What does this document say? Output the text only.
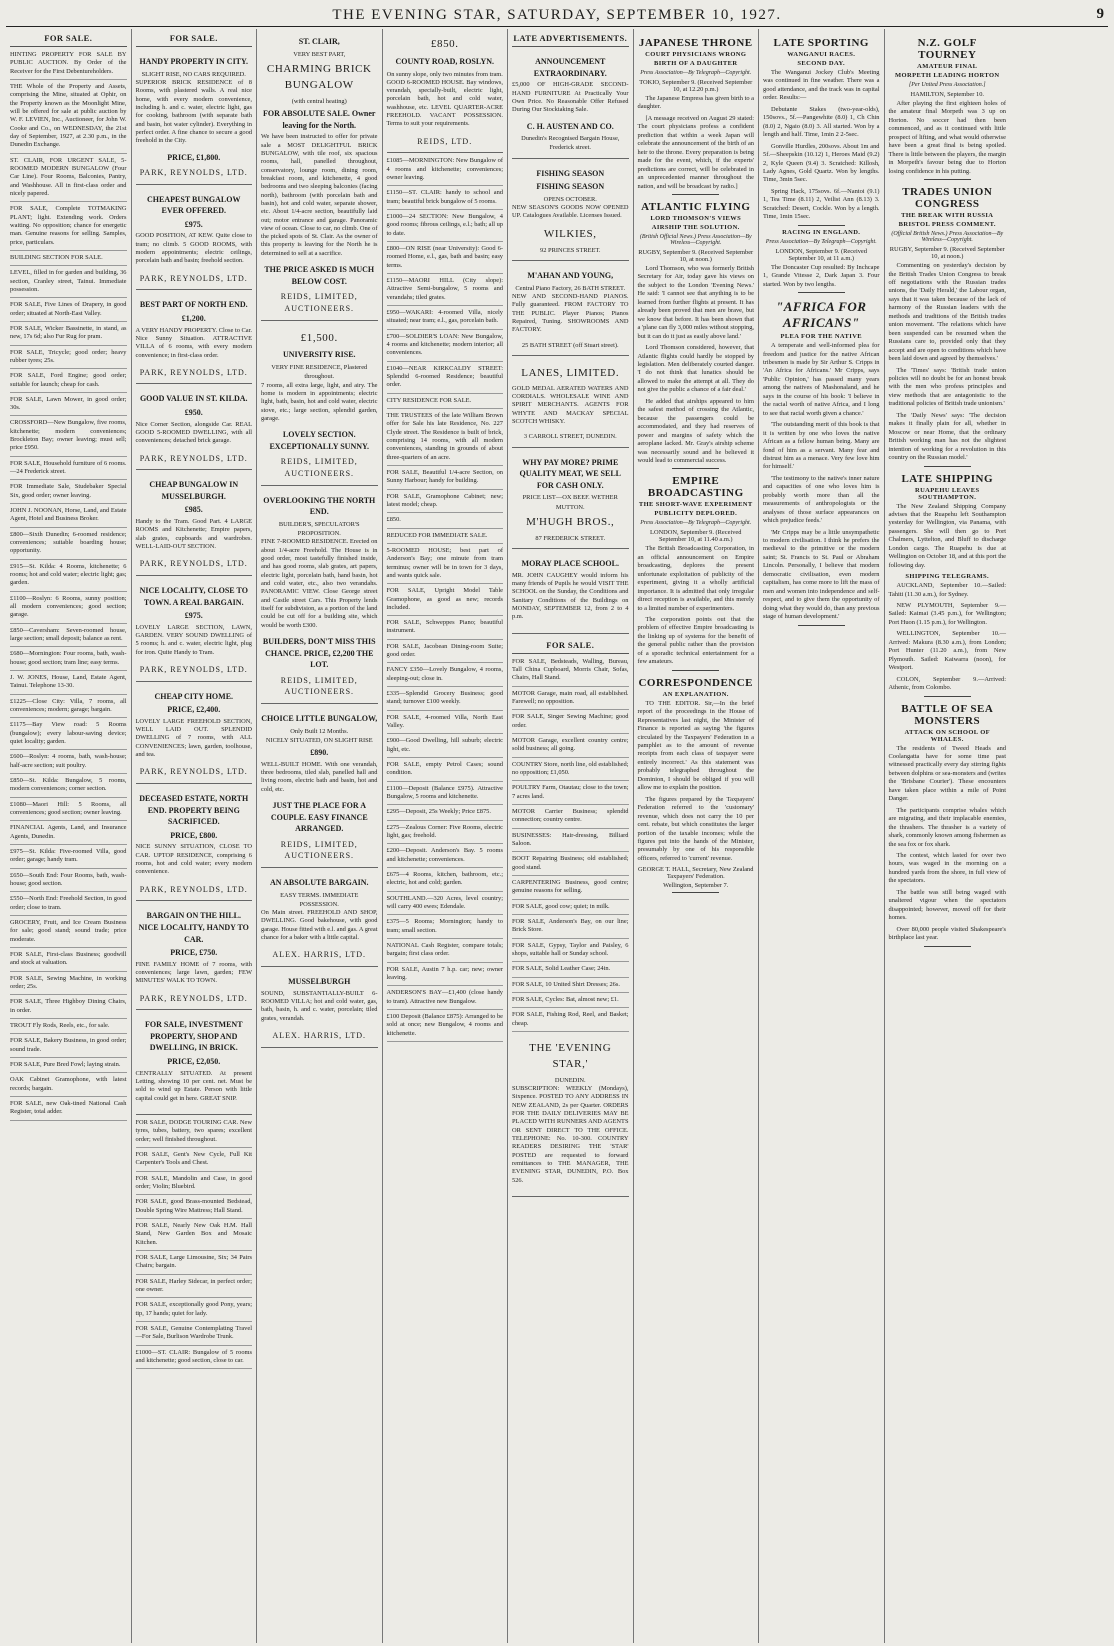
THE EVENING STAR, SATURDAY, SEPTEMBER 10, 1927.	9
FOR SALE.

HINTING PROPERTY FOR SALE BY PUBLIC AUCTION. By Order of the Receiver for the First Debentureholders.

THE Whole of the Property and Assets, comprising the Mine, situated at Ophir, on the Property known as the Moonlight Mine, will be offered for sale at public auction by W. F. LEVIEN, Inc., Auctioneer, for John W. Cooke and Co., on WEDNESDAY, the 21st day of September, 1927, at 2.30 p.m., in the Dunedin Exchange.

ST. CLAIR, FOR URGENT SALE, 5-ROOMED MODERN BUNGALOW (Four Car Line). Four Rooms, Balconies, Pantry, and Washhouse. All in first-class order and nicely papered.

FOR SALE, Complete TOTMAKING PLANT; light. Extending work. Orders waiting. No opposition; chance for energetic man. Genuine reasons for selling. Samples, price, particulars.

BUILDING SECTION FOR SALE.

LEVEL, filled in for garden and building, 36 section, Cranley street, Tainui. Immediate possession.

FOR SALE, Five Lines of Drapery, in good order; situated at North-East Valley.

FOR SALE, Wicker Bassinette, in stand, as new, 17s 6d; also Fur Rug for pram.

FOR SALE, Tricycle; good order; heavy rubber tyres; 25s.

FOR SALE, Ford Engine; good order; suitable for launch; cheap for cash.

FOR SALE, Lawn Mower, in good order; 30s.

CROSSFORD—New Bungalow, five rooms, kitchenette; modern conveniences; Brockleton Bay; owner leaving; must sell; price £950.

FOR SALE, Household furniture of 6 rooms.—24 Frederick street.

FOR Immediate Sale, Studebaker Special Six, good order; owner leaving.

JOHN J. NOONAN, Horse, Land, and Estate Agent, Hotel and Business Broker.

£800—Sixth Dunedin; 6-roomed residence; conveniences; suitable boarding house; opportunity.

£915—St. Kilda: 4 Rooms, kitchenette; 6 rooms; hot and cold water; electric light; gas; garden.

£1100—Roslyn: 6 Rooms, sunny position; all modern conveniences; good section; garage.

£850—Caversham: Seven-roomed house, large section; small deposit; balance as rent.

£680—Mornington: Four rooms, bath, wash-house; good section; tram line; easy terms.

J. W. JONES, House, Land, Estate Agent, Tainui. Telephone 13-30.

£1225—Close City: Villa, 7 rooms, all conveniences; modern; garage; bargain.

£1175—Bay View road: 5 Rooms (bungalow); every labour-saving device; quiet locality; garden.

£600—Roslyn: 4 rooms, bath, wash-house; half-acre section; suit poultry.

£850—St. Kilda: Bungalow, 5 rooms, modern conveniences; corner section.

£1080—Maori Hill: 5 Rooms, all conveniences; good section; owner leaving.

FINANCIAL Agents, Land, and Insurance Agents, Dunedin.

£975—St. Kilda: Five-roomed Villa, good order; garage; handy tram.

£650—South End: Four Rooms, bath, wash-house; good section.

£550—North End: Freehold Section, in good order; close to tram.

GROCERY, Fruit, and Ice Cream Business for sale; good stand; sound trade; price moderate.

FOR SALE, First-class Business; goodwill and stock at valuation.

FOR SALE, Sewing Machine, in working order; 25s.

FOR SALE, Three Highboy Dining Chairs, in order.

TROUT Fly Rods, Reels, etc., for sale.

FOR SALE, Bakery Business, in good order; sound trade.

FOR SALE, Pure Bred Fowl; laying strain.

OAK Cabinet Gramophone, with latest records; bargain.

FOR SALE, new Oak-tined National Cash Register, total adder.

FOR SALE.
HANDY PROPERTY IN CITY.
SLIGHT RISE, NO CARS REQUIRED.
SUPERIOR BRICK RESIDENCE of 8 Rooms, with plastered walls. A real nice home, with every modern convenience, including h. and c. water, electric light, gas for cooking, bathroom (with separate bath and basin, hot water cylinder). Everything in perfect order. A fine chance to secure a good freehold in the City.
PRICE, £1,800.
PARK, REYNOLDS, LTD.
CHEAPEST BUNGALOW EVER OFFERED.
£975.
GOOD POSITION, AT KEW. Quite close to tram; no climb. 5 GOOD ROOMS, with modern appointments; electric ceilings, porcelain bath and basin; freehold section.
PARK, REYNOLDS, LTD.
BEST PART OF NORTH END.
£1,200.
A VERY HANDY PROPERTY. Close to Car. Nice Sunny Situation. ATTRACTIVE VILLA of 6 rooms, with every modern convenience; in first-class order.
PARK, REYNOLDS, LTD.
GOOD VALUE IN ST. KILDA.
£950.
Nice Corner Section, alongside Car. REAL GOOD 5-ROOMED DWELLING, with all conveniences; detached brick garage.
PARK, REYNOLDS, LTD.
CHEAP BUNGALOW IN MUSSELBURGH.
£985.
Handy to the Tram. Good Part. 4 LARGE ROOMS and Kitchenette; Empire papers, slab grates, cupboards and wardrobes. WELL-LAID-OUT SECTION.
PARK, REYNOLDS, LTD.
NICE LOCALITY, CLOSE TO TOWN. A REAL BARGAIN.
£975.
LOVELY LARGE SECTION, LAWN, GARDEN. VERY SOUND DWELLING of 5 rooms; h. and c. water, electric light, plug for iron. Quite Handy to Tram.
PARK, REYNOLDS, LTD.
CHEAP CITY HOME.
PRICE, £2,400.
LOVELY LARGE FREEHOLD SECTION, WELL LAID OUT. SPLENDID DWELLING of 7 rooms, with ALL CONVENIENCES; lawn, garden, toolhouse, and tea.
PARK, REYNOLDS, LTD.
DECEASED ESTATE, NORTH END. PROPERTY BEING SACRIFICED.
PRICE, £800.
NICE SUNNY SITUATION, CLOSE TO CAR. UPTOP RESIDENCE, comprising 6 rooms, hot and cold water; every modern convenience.
PARK, REYNOLDS, LTD.
BARGAIN ON THE HILL. NICE LOCALITY, HANDY TO CAR.
PRICE, £750.
FINE FAMILY HOME of 7 rooms, with conveniences; large lawn, garden; FEW MINUTES' WALK TO TOWN.
PARK, REYNOLDS, LTD.
FOR SALE, INVESTMENT PROPERTY, SHOP AND DWELLING, IN BRICK.
PRICE, £2,050.
CENTRALLY SITUATED. At present Letting, showing 10 per cent. net. Must be sold to wind up Estate. Person with little capital could get in here. GREAT SNIP.

FOR SALE, DODGE TOURING CAR. New tyres, tubes, battery, two spares; excellent order; well finished throughout.

FOR SALE, Gent's New Cycle, Full Kit Carpenter's Tools and Chest.

FOR SALE, Mandolin and Case, in good order; Violin; Bluebird.

FOR SALE, good Brass-mounted Bedstead, Double Spring Wire Mattress; Hall Stand.

FOR SALE, Nearly New Oak H.M. Hall Stand, New Garden Box and Mosaic Kitchen.

FOR SALE, Large Limousine, Six; 34 Pairs Chairs; bargain.

FOR SALE, Harley Sidecar, in perfect order; one owner.

FOR SALE, exceptionally good Pony, years; tip, 17 hands; quiet for lady.

FOR SALE, Genuine Contemplating Travel—For Sale, Burlison Wardrobe Trunk.

£1000—ST. CLAIR: Bungalow of 5 rooms and kitchenette; good section, close to car.

ST. CLAIR,
VERY BEST PART,
CHARMING BRICK BUNGALOW
(with central heating)
FOR ABSOLUTE SALE. Owner leaving for the North.
We have been instructed to offer for private sale a MOST DELIGHTFUL BRICK BUNGALOW, with tile roof, six spacious rooms, hall, panelled throughout, conservatory, lounge room, dining room, breakfast room, and kitchenette, 4 good bedrooms and two sleeping balconies (facing north), bathroom (with porcelain bath and basin), hot and cold water, separate shower, etc. About 1/4-acre section, beautifully laid out; motor entrance and garage. Panoramic view of ocean. Close to car, no climb. One of the picked spots of St. Clair. As the owner of this property is leaving for the North he is determined to sell at a sacrifice.
THE PRICE ASKED IS MUCH BELOW COST.
REIDS, LIMITED, AUCTIONEERS.
£1,500.
UNIVERSITY RISE.
VERY FINE RESIDENCE, Plastered throughout.
7 rooms, all extra large, light, and airy. The home is modern in appointments; electric light, bath, basin, hot and cold water, electric stove, etc.; large section, splendid garden, garage.
LOVELY SECTION. EXCEPTIONALLY SUNNY.
REIDS, LIMITED, AUCTIONEERS.
OVERLOOKING THE NORTH END.
BUILDER'S, SPECULATOR'S PROPOSITION.
FINE 7-ROOMED RESIDENCE. Erected on about 1/4-acre Freehold. The House is in good order, most tastefully finished inside, and has good rooms, slab grates, art papers, electric light, porcelain bath, hand basin, hot and cold water, etc., also two verandahs. PANORAMIC VIEW. Close George street and Castle street Cars. This Property lends itself for subdivision, as a portion of the land could be cut off for a building site, which would be worth £300.
BUILDERS, DON'T MISS THIS CHANCE. PRICE, £2,200 THE LOT.
REIDS, LIMITED, AUCTIONEERS.
CHOICE LITTLE BUNGALOW,
Only Built 12 Months.
NICELY SITUATED, ON SLIGHT RISE
£890.
WELL-BUILT HOME. With one verandah, three bedrooms, tiled slab, panelled hall and living room, electric bath and basin, hot and cold, etc.
JUST THE PLACE FOR A COUPLE. EASY FINANCE ARRANGED.
REIDS, LIMITED, AUCTIONEERS.
AN ABSOLUTE BARGAIN.
EASY TERMS. IMMEDIATE POSSESSION.
On Main street. FREEHOLD AND SHOP, DWELLING. Good bakehouse, with good garage. House fitted with e.l. and gas. A great chance for a baker with a little capital.
ALEX. HARRIS, LTD.
MUSSELBURGH
SOUND, SUBSTANTIALLY-BUILT 6-ROOMED VILLA; hot and cold water, gas, bath, basin, h. and c. water, porcelain; tiled grates, verandah.
ALEX. HARRIS, LTD.
£850.
COUNTY ROAD, ROSLYN.
On sunny slope, only two minutes from tram.
GOOD 6-ROOMED HOUSE. Bay windows, verandah, specially-built, electric light, porcelain bath, hot and cold water, washhouse, etc. LEVEL QUARTER-ACRE FREEHOLD. VACANT POSSESSION. Terms to suit your requirements.
REIDS, LTD.

£1085—MORNINGTON: New Bungalow of 4 rooms and kitchenette; conveniences; owner leaving.

£1150—ST. CLAIR: handy to school and tram; beautiful brick bungalow of 5 rooms.

£1000—24 SECTION: New Bungalow, 4 good rooms; fibrous ceilings, e.l.; bath; all up to date.

£800—ON RISE (near University): Good 6-roomed Home, e.l., gas, bath and basin; easy terms.

£1150—MAORI HILL (City slope): Attractive Semi-bungalow, 5 rooms and verandahs; tiled grates.

£950—WAKARI: 4-roomed Villa, nicely situated; near tram; e.l., gas, porcelain bath.

£700—SOLDIER'S LOAN: New Bungalow, 4 rooms and kitchenette; modern interior; all conveniences.

£1040—NEAR KIRKCALDY STREET: Splendid 6-roomed Residence; beautiful order.

CITY RESIDENCE FOR SALE.

THE TRUSTEES of the late William Brown offer for Sale his late Residence, No. 227 Clyde street. The Residence is built of brick, comprising 14 rooms, with all modern conveniences, standing in grounds of about three-quarters of an acre.

FOR SALE, Beautiful 1/4-acre Section, on Sunny Harbour; handy for building.

FOR SALE, Gramophone Cabinet; new; latest model; cheap.

£850.

REDUCED FOR IMMEDIATE SALE.

5-ROOMED HOUSE; best part of Anderson's Bay; one minute from tram terminus; owner will be in town for 3 days, and wants quick sale.

FOR SALE, Upright Model Table Gramophone, as good as new; records included.

FOR SALE, Schweppes Piano; beautiful instrument.

FOR SALE, Jacobean Dining-room Suite; good order.

FANCY £350—Lovely Bungalow, 4 rooms, sleeping-out; close in.

£335—Splendid Grocery Business; good stand; turnover £100 weekly.

FOR SALE, 4-roomed Villa, North East Valley.

£900—Good Dwelling, hill suburb; electric light, etc.

FOR SALE, empty Petrol Cases; sound condition.

£1100—Deposit (Balance £975). Attractive Bungalow, 5 rooms and kitchenette.

£295—Deposit, 25s Weekly; Price £875.

£275—Zealous Corner: Five Rooms, electric light, gas; freehold.

£200—Deposit. Anderson's Bay. 5 rooms and kitchenette; conveniences.

£675—4 Rooms, kitchen, bathroom, etc.; electric, hot and cold; garden.

SOUTHLAND.—320 Acres, level country; will carry 400 ewes; Edendale.

£375—5 Rooms; Mornington; handy to tram; small section.

NATIONAL Cash Register, compare totals; bargain; first class order.

FOR SALE, Austin 7 h.p. car; new; owner leaving.

ANDERSON'S BAY—£1,400 (close handy to tram). Attractive new Bungalow.

£100 Deposit (Balance £875): Arranged to be sold at once; new Bungalow, 4 rooms and kitchenette.

LATE ADVERTISEMENTS.
ANNOUNCEMENT EXTRAORDINARY.
£5,000 OF HIGH-GRADE SECOND-HAND FURNITURE At Practically Your Own Price. No Reasonable Offer Refused During Our Stocktaking Sale.
C. H. AUSTEN AND CO.
Dunedin's Recognised Bargain House, Frederick street.
FISHING SEASON
FISHING SEASON
OPENS OCTOBER.
NEW SEASON'S GOODS NOW OPENED UP. Catalogues Available. Licenses Issued.
WILKIES,
92 PRINCES STREET.
M'AHAN AND YOUNG,
Central Piano Factory, 26 BATH STREET.
NEW AND SECOND-HAND PIANOS. Fully guaranteed. FROM FACTORY TO THE PUBLIC. Player Pianos; Pianos Repaired, Tuning. SHOWROOMS AND FACTORY.
25 BATH STREET (off Stuart street).
LANES, LIMITED.
GOLD MEDAL AERATED WATERS AND CORDIALS. WHOLESALE WINE AND SPIRIT MERCHANTS. AGENTS FOR WHYTE AND MACKAY SPECIAL SCOTCH WHISKY.
3 CARROLL STREET, DUNEDIN.
WHY PAY MORE? PRIME QUALITY MEAT, WE SELL FOR CASH ONLY.
PRICE LIST—OX BEEF. WETHER MUTTON.
M'HUGH BROS.,
87 FREDERICK STREET.
MORAY PLACE SCHOOL.
MR. JOHN CAUGHEY would inform his many friends of Pupils he would VISIT THE SCHOOL on the Sunday, the Conditions and Sanitary Conditions of the Buildings on MONDAY, SEPTEMBER 12, from 2 to 4 p.m.
FOR SALE.

FOR SALE, Bedsteads, Walling, Bureau, Tall China Cupboard, Morris Chair, Sofas, Chairs, Hall Stand.

MOTOR Garage, main road, all established. Farewell; no opposition.

FOR SALE, Singer Sewing Machine; good order.

MOTOR Garage, excellent country centre; solid business; all going.

COUNTRY Store, north line, old established; no opposition; £1,050.

POULTRY Farm, Otautau; close to the town; 7 acres land.

MOTOR Carrier Business; splendid connection; country centre.

BUSINESSES: Hair-dressing, Billiard Saloon.

BOOT Repairing Business; old established; good stand.

CARPENTERING Business, good centre; genuine reasons for selling.

FOR SALE, good cow; quiet; in milk.

FOR SALE, Anderson's Bay, on our line; Brick Store.

FOR SALE, Gypsy, Taylor and Paisley, 6 shops, suitable hall or Sunday school.

FOR SALE, Solid Leather Case; 24in.

FOR SALE, 10 United Shirt Dresses; 26s.

FOR SALE, Cycles: Bat, almost new; £1.

FOR SALE, Fishing Rod, Reel, and Basket; cheap.

THE 'EVENING STAR,'
DUNEDIN.
SUBSCRIPTION: WEEKLY (Mondays), Sixpence. POSTED TO ANY ADDRESS IN NEW ZEALAND, 2s per Quarter. ORDERS FOR THE DAILY DELIVERIES MAY BE PLACED WITH RUNNERS AND AGENTS OR SENT DIRECT TO THE OFFICE. TELEPHONE: No. 10-300. COUNTRY READERS DESIRING THE 'STAR' POSTED are requested to forward remittances to THE MANAGER, THE EVENING STAR, DUNEDIN, P.O. Box 526.
JAPANESE THRONE
COURT PHYSICIANS WRONG
BIRTH OF A DAUGHTER
Press Association—By Telegraph—Copyright.
TOKIO, September 9. (Received September 10, at 12.20 p.m.)

The Japanese Empress has given birth to a daughter.

[A message received on August 29 stated: The court physicians profess a confident prediction that within a week Japan will celebrate the announcement of the birth of an heir to the throne. Every preparation is being made for the event, which, if the experts' predictions are correct, will be celebrated in an unprecedented manner throughout the nation, and will be broadcast by radio.]

ATLANTIC FLYING
LORD THOMSON'S VIEWS
AIRSHIP THE SOLUTION.
(British Official News.) Press Association—By Wireless—Copyright.
RUGBY, September 9. (Received September 10, at noon.)

Lord Thomson, who was formerly British Secretary for Air, today gave his views on the subject to the London 'Evening News.' He said: 'I cannot see that anything is to be learned from further flights at present. It has already been proved that men are brave, but we know that before. It has been shown that a 'plane can fly 3,000 miles without stopping, but it can do it just as easily above land.'

Lord Thomson considered, however, that Atlantic flights could hardly be stopped by legislation. Men deliberately courted danger. 'I do not think that lunatics should be allowed to make the attempt at all. They do not give the public a chance of a fair deal.'

He added that airships appeared to him the safest method of crossing the Atlantic, because the passengers could be accommodated, and they had reserves of power and margins of safety which the aeroplane lacked. Mr. Gray's airship scheme was necessarily sound and he believed it would lead to commercial success.

EMPIRE BROADCASTING
THE SHORT-WAVE EXPERIMENT
PUBLICITY DEPLORED.
Press Association—By Telegraph—Copyright.
LONDON, September 9. (Received September 10, at 11.40 a.m.)

The British Broadcasting Corporation, in an official announcement on Empire broadcasting, deplores the present unfortunate exploitation of publicity of the experiment, giving it a wholly artificial importance. It is admitted that only irregular direct reception is available, and this merely to a limited number of experimenters.

The corporation points out that the problem of effective Empire broadcasting is the linking up of systems for the benefit of the general public rather than the provision of a sporadic technical entertainment for a few amateurs.

CORRESPONDENCE
AN EXPLANATION.

TO THE EDITOR. Sir,—In the brief report of the proceedings in the House of Representatives last night, the Minister of Finance is reported as saying 'the figures circulated by the Taxpayers' Federation in a pamphlet as to the amount of revenue receipts from each class of taxpayer were entirely incorrect.' As this statement was probably telegraphed throughout the Dominion, I should be obliged if you will allow me to explain the position.

The figures prepared by the Taxpayers' Federation referred to the 'customary' revenue, which does not carry the 10 per cent. rebate, but which constitutes the larger portion of the taxable incomes; while the figures put into the hands of the Minister, presumably by one of his responsible officers, referred to 'current' revenue.

GEORGE T. HALL, Secretary, New Zealand Taxpayers' Federation.
Wellington, September 7.
LATE SPORTING
WANGANUI RACES.
SECOND DAY.

The Wanganui Jockey Club's Meeting was continued in fine weather. There was a good attendance, and the track was in capital order. Results:—

Debutante Stakes (two-year-olds), 150sovs., 5f.—Pangewhite (8.0) 1, Ch Chin (8.0) 2, Ngaio (8.0) 3. All started. Won by a length and half. Time, 1min 2 2-5sec.

Gonville Hurdles, 200sovs. About 1m and 5f.—Sheepskin (10.12) 1, Heroes Maid (9.2) 2, Kyle Queen (9.4) 3. Scratched: Killosh, Lady Agnes, Gold Quartz. Won by lengths. Time, 3min 5sec.

Spring Hack, 175sovs. 6f.—Nantoi (9.1) 1, Tea Time (8.11) 2, Veilist Ann (8.13) 3. Scratched: Desert, Cockle. Won by a length. Time, 1min 15sec.

RACING IN ENGLAND.
Press Association—By Telegraph—Copyright.
LONDON, September 9. (Received September 10, at 11 a.m.)

The Doncaster Cup resulted: By Inchcape 1, Grande Vitesse 2, Dark Japan 3. Four started. Won by two lengths.

"AFRICA FOR AFRICANS"
PLEA FOR THE NATIVE

A temperate and well-informed plea for freedom and justice for the native African tribesmen is made by Sir Arthur S. Cripps in 'An Africa for Africans.' Mr Cripps, says 'Public Opinion,' has passed many years among the natives of Mashonaland, and he says in the course of his book: 'I believe in the racial worth of native Africa, and I long to see that racial worth given a chance.'

'The outstanding merit of this book is that it is written by one who loves the native African as a fellow human being. Many are fond of him as a servant. Many fear and distrust him as a menace. Very few love him for himself.'

'The testimony to the native's inner nature and capacities of one who loves him is probably worth more than all the measurements of anthropologists or the analyses of those surface appearances on which prejudice feeds.'

'Mr Cripps may be a little unsympathetic to modern civilisation. I think he prefers the medieval to the primitive or the modern saint; St. Francis to St. Paul or Abraham Lincoln. Personally, I believe that modern democratic civilisation, even modern capitalism, has come more to lift the mass of men and women into independence and self-respect, and to give them the opportunity of doing what they would do, than any previous stage of human development.'

N.Z. GOLF TOURNEY
AMATEUR FINAL
MORPETH LEADING HORTON
[Per United Press Association.]
HAMILTON, September 10.

After playing the first eighteen holes of the amateur final Morpeth was 3 up on Horton. No soccer had then been commenced, and as it continued with little prospect of lifting, and what would otherwise have been a great final is being spoiled. There is little between the players, the margin in Morpeth's favour being due to Horton losing confidence in his putting.

TRADES UNION CONGRESS
THE BREAK WITH RUSSIA
BRISTOL PRESS COMMENT.
(Official British News.) Press Association—By Wireless—Copyright.
RUGBY, September 9. (Received September 10, at noon.)

Commenting on yesterday's decision by the British Trades Union Congress to break off negotiations with the Russian trades unions, the 'Daily Herald,' the Labour organ, says that it was taken because of the lack of harmony of the Russian leaders with the methods and traditions of the British trades union movement. 'The relations which have been suspended can be resumed when the Russians care to, provided only that they accept and are open to conditions which have been laid down and agreed by themselves.'

The 'Times' says: 'British trade union policies will no doubt be for an honest break with the men who profess principles and view methods that are antagonistic to the traditional policies of British trade unionism.'

The 'Daily News' says: 'The decision makes it finally plain for all, whether in Moscow or near Home, that the ordinary British working man has not the slightest intention of working for a revolution in this country on the Russian model.'

LATE SHIPPING
RUAPEHU LEAVES SOUTHAMPTON.

The New Zealand Shipping Company advises that the Ruapehu left Southampton yesterday for Wellington, via Panama, with passengers. She will then go to Port Chalmers, Lyttelton, and Bluff to discharge London cargo. The Ruapehu is due at Wellington on October 18, and at this port the following day.

SHIPPING TELEGRAMS.

AUCKLAND, September 10.—Sailed: Tahiti (11.30 a.m.), for Sydney.

NEW PLYMOUTH, September 9.—Sailed: Kaimai (3.45 p.m.), for Wellington; Port Huon (1.15 p.m.), for Wellington.

WELLINGTON, September 10.—Arrived: Makura (8.30 a.m.), from London; Port Hunter (11.20 a.m.), from New Plymouth. Sailed: Kaiwarra (noon), for Westport.

COLON, September 9.—Arrived: Athenic, from Colombo.

BATTLE OF SEA MONSTERS
ATTACK ON SCHOOL OF WHALES.

The residents of Tweed Heads and Coolangatta have for some time past witnessed practically every day stirring fights between dolphins or sea-monsters and (writes the 'Brisbane Courier'). These encounters have taken place within a mile of Point Danger.

The participants comprise whales which are migrating, and their implacable enemies, the thrashers. The thrasher is a variety of shark, commonly known among fishermen as the sea fox or fox shark.

The contest, which lasted for over two hours, was waged in the morning on a hundred yards from the shore, in full view of the spectators.

The battle was still being waged with unaltered vigour when the spectators disappointed; however, moved off for their homes.

Over 80,000 people visited Shakespeare's birthplace last year.
